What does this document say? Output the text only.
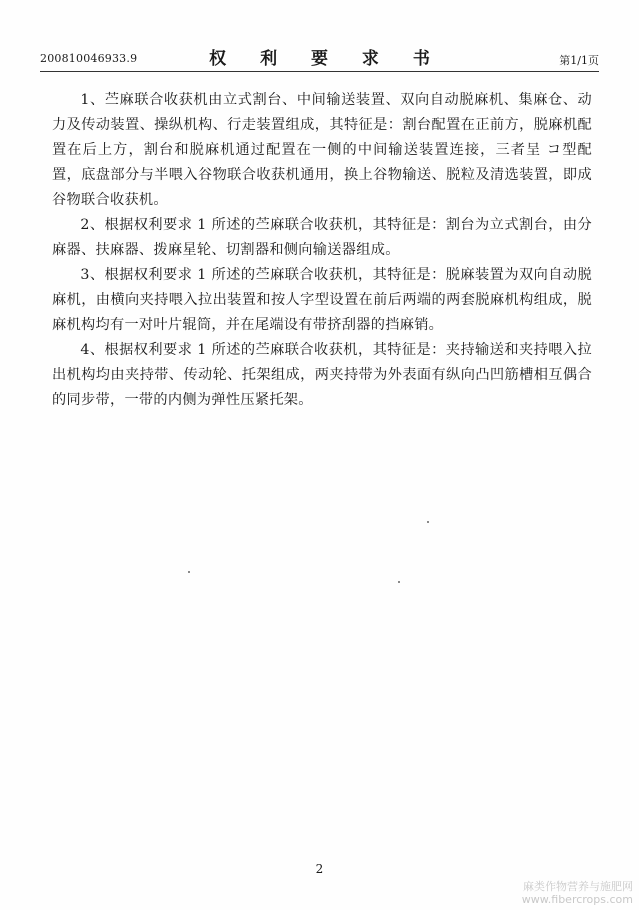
200810046933.9	权 利 要 求 书	第1/1页

1、苎麻联合收获机由立式割台、中间输送装置、双向自动脱麻机、集麻仓、动力及传动装置、操纵机构、行走装置组成，其特征是：割台配置在正前方，脱麻机配置在后上方，割台和脱麻机通过配置在一侧的中间输送装置连接，三者呈 コ型配置，底盘部分与半喂入谷物联合收获机通用，换上谷物输送、脱粒及清选装置，即成谷物联合收获机。

2、根据权利要求 1 所述的苎麻联合收获机，其特征是：割台为立式割台，由分麻器、扶麻器、拨麻星轮、切割器和侧向输送器组成。

3、根据权利要求 1 所述的苎麻联合收获机，其特征是：脱麻装置为双向自动脱麻机，由横向夹持喂入拉出装置和按人字型设置在前后两端的两套脱麻机构组成，脱麻机构均有一对叶片辊筒，并在尾端设有带挤刮器的挡麻销。

4、根据权利要求 1 所述的苎麻联合收获机，其特征是：夹持输送和夹持喂入拉出机构均由夹持带、传动轮、托架组成，两夹持带为外表面有纵向凸凹筋槽相互偶合的同步带，一带的内侧为弹性压紧托架。

2
麻类作物营养与施肥网
www.fibercrops.com
